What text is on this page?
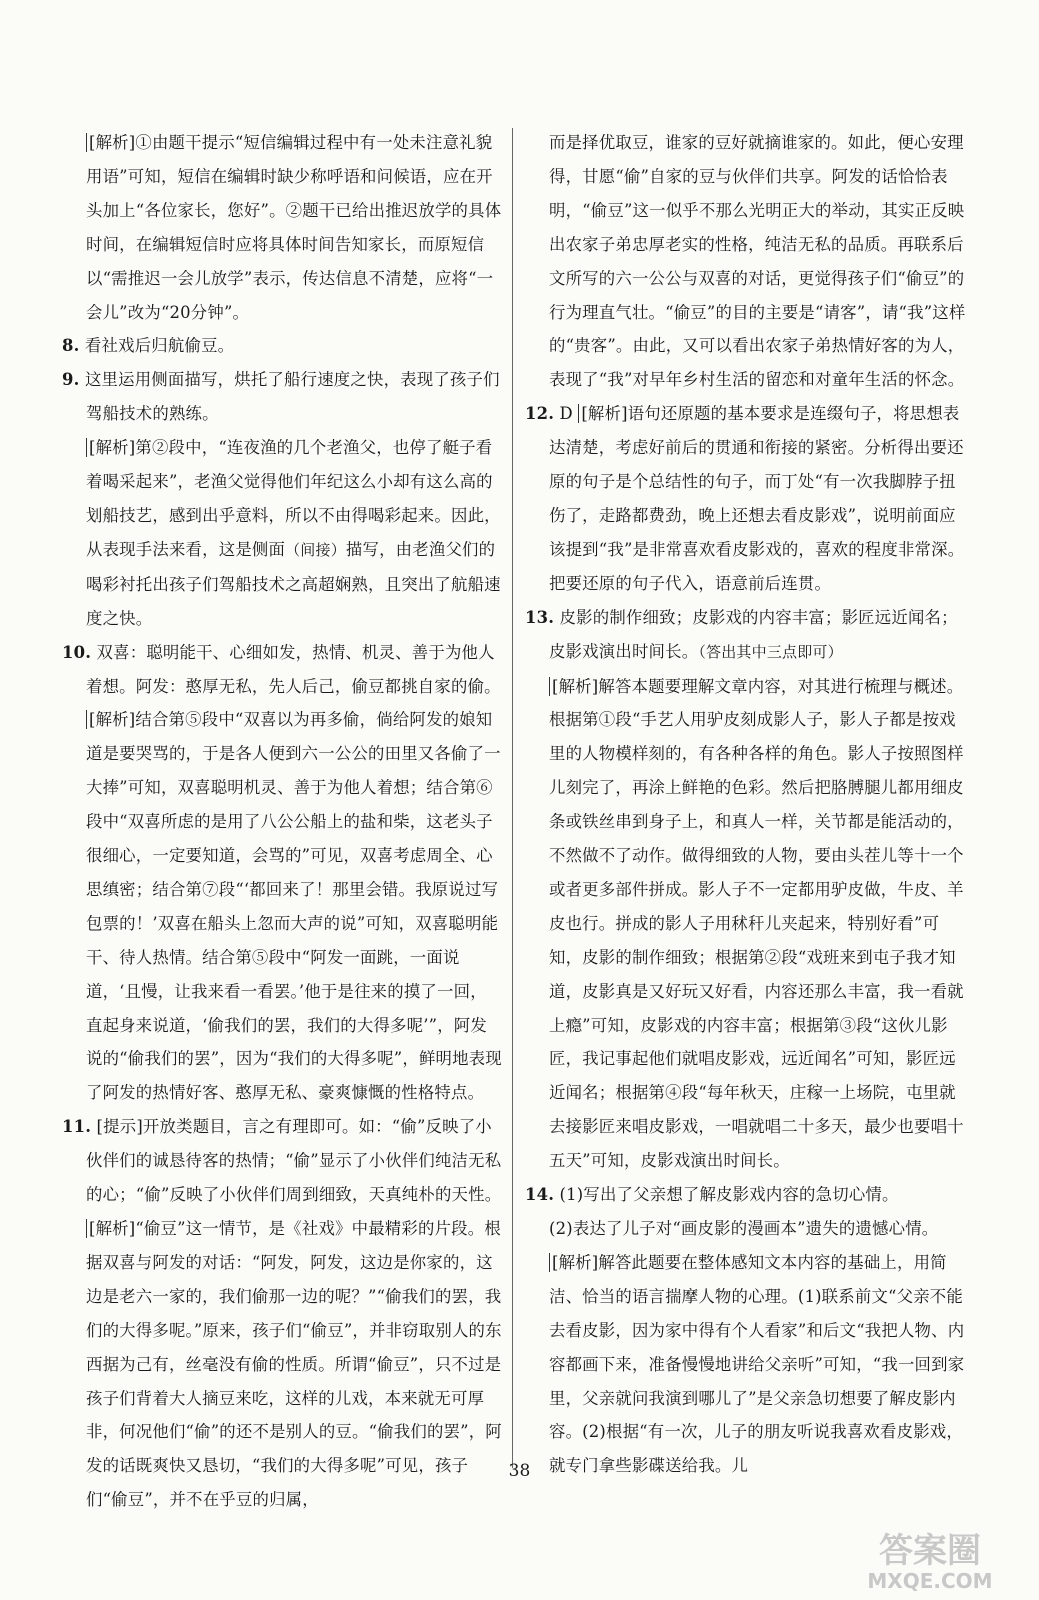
[解析]①由题干提示“短信编辑过程中有一处未注意礼貌用语”可知，短信在编辑时缺少称呼语和问候语，应在开头加上“各位家长，您好”。②题干已给出推迟放学的具体时间，在编辑短信时应将具体时间告知家长，而原短信以“需推迟一会儿放学”表示，传达信息不清楚，应将“一会儿”改为“20分钟”。

8. 看社戏后归航偷豆。

9. 这里运用侧面描写，烘托了船行速度之快，表现了孩子们驾船技术的熟练。

[解析]第②段中，“连夜渔的几个老渔父，也停了艇子看着喝采起来”，老渔父觉得他们年纪这么小却有这么高的划船技艺，感到出乎意料，所以不由得喝彩起来。因此，从表现手法来看，这是侧面（间接）描写，由老渔父们的喝彩衬托出孩子们驾船技术之高超娴熟，且突出了航船速度之快。

10. 双喜：聪明能干、心细如发，热情、机灵、善于为他人着想。阿发：憨厚无私，先人后己，偷豆都挑自家的偷。

[解析]结合第⑤段中“双喜以为再多偷，倘给阿发的娘知道是要哭骂的，于是各人便到六一公公的田里又各偷了一大捧”可知，双喜聪明机灵、善于为他人着想；结合第⑥段中“双喜所虑的是用了八公公船上的盐和柴，这老头子很细心，一定要知道，会骂的”可见，双喜考虑周全、心思缜密；结合第⑦段“‘都回来了！那里会错。我原说过写包票的！’双喜在船头上忽而大声的说”可知，双喜聪明能干、待人热情。结合第⑤段中“阿发一面跳，一面说道，‘且慢，让我来看一看罢。’他于是往来的摸了一回，直起身来说道，‘偷我们的罢，我们的大得多呢’”，阿发说的“偷我们的罢”，因为“我们的大得多呢”，鲜明地表现了阿发的热情好客、憨厚无私、豪爽慷慨的性格特点。

11. [提示]开放类题目，言之有理即可。如：“偷”反映了小伙伴们的诚恳待客的热情；“偷”显示了小伙伴们纯洁无私的心；“偷”反映了小伙伴们周到细致，天真纯朴的天性。

[解析]“偷豆”这一情节，是《社戏》中最精彩的片段。根据双喜与阿发的对话：“阿发，阿发，这边是你家的，这边是老六一家的，我们偷那一边的呢？”“偷我们的罢，我们的大得多呢。”原来，孩子们“偷豆”，并非窃取别人的东西据为己有，丝毫没有偷的性质。所谓“偷豆”，只不过是孩子们背着大人摘豆来吃，这样的儿戏，本来就无可厚非，何况他们“偷”的还不是别人的豆。“偷我们的罢”，阿发的话既爽快又恳切，“我们的大得多呢”可见，孩子们“偷豆”，并不在乎豆的归属，

而是择优取豆，谁家的豆好就摘谁家的。如此，便心安理得，甘愿“偷”自家的豆与伙伴们共享。阿发的话恰恰表明，“偷豆”这一似乎不那么光明正大的举动，其实正反映出农家子弟忠厚老实的性格，纯洁无私的品质。再联系后文所写的六一公公与双喜的对话，更觉得孩子们“偷豆”的行为理直气壮。“偷豆”的目的主要是“请客”，请“我”这样的“贵客”。由此，又可以看出农家子弟热情好客的为人，表现了“我”对早年乡村生活的留恋和对童年生活的怀念。

12. D [解析]语句还原题的基本要求是连缀句子，将思想表达清楚，考虑好前后的贯通和衔接的紧密。分析得出要还原的句子是个总结性的句子，而丁处“有一次我脚脖子扭伤了，走路都费劲，晚上还想去看皮影戏”，说明前面应该提到“我”是非常喜欢看皮影戏的，喜欢的程度非常深。把要还原的句子代入，语意前后连贯。

13. 皮影的制作细致；皮影戏的内容丰富；影匠远近闻名；皮影戏演出时间长。（答出其中三点即可）

[解析]解答本题要理解文章内容，对其进行梳理与概述。根据第①段“手艺人用驴皮刻成影人子，影人子都是按戏里的人物模样刻的，有各种各样的角色。影人子按照图样儿刻完了，再涂上鲜艳的色彩。然后把胳膊腿儿都用细皮条或铁丝串到身子上，和真人一样，关节都是能活动的，不然做不了动作。做得细致的人物，要由头茬儿等十一个或者更多部件拼成。影人子不一定都用驴皮做，牛皮、羊皮也行。拼成的影人子用秫秆儿夹起来，特别好看”可知，皮影的制作细致；根据第②段“戏班来到屯子我才知道，皮影真是又好玩又好看，内容还那么丰富，我一看就上瘾”可知，皮影戏的内容丰富；根据第③段“这伙儿影匠，我记事起他们就唱皮影戏，远近闻名”可知，影匠远近闻名；根据第④段“每年秋天，庄稼一上场院，屯里就去接影匠来唱皮影戏，一唱就唱二十多天，最少也要唱十五天”可知，皮影戏演出时间长。

14. (1)写出了父亲想了解皮影戏内容的急切心情。

(2)表达了儿子对“画皮影的漫画本”遗失的遗憾心情。

[解析]解答此题要在整体感知文本内容的基础上，用简洁、恰当的语言揣摩人物的心理。(1)联系前文“父亲不能去看皮影，因为家中得有个人看家”和后文“我把人物、内容都画下来，准备慢慢地讲给父亲听”可知，“我一回到家里，父亲就问我演到哪儿了”是父亲急切想要了解皮影内容。(2)根据“有一次，儿子的朋友听说我喜欢看皮影戏，就专门拿些影碟送给我。儿

38
答案圈
MXQE.COM
